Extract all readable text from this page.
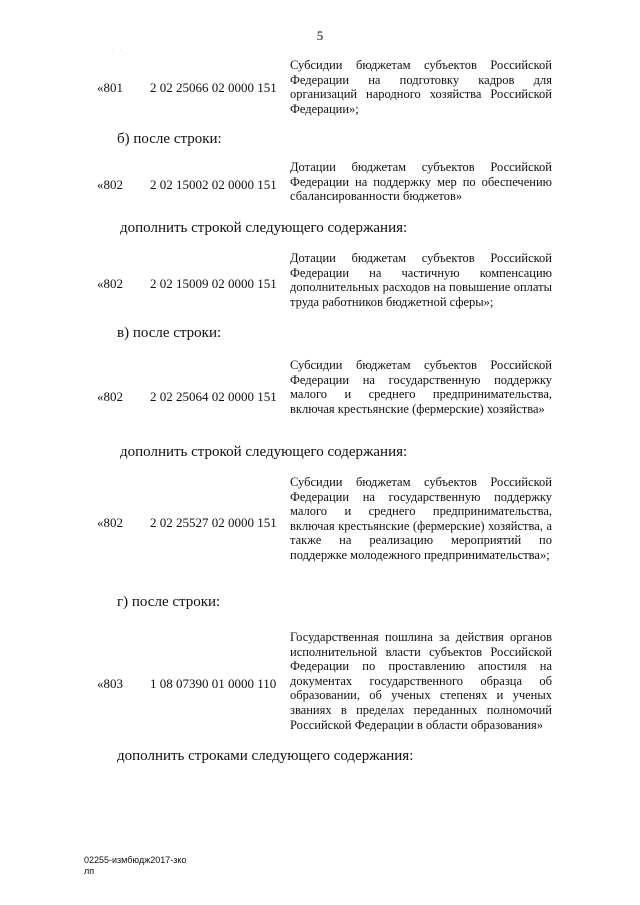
5
· ·
«801 2 02 25066 02 0000 151
Субсидии бюджетам субъектов Российской Федерации на подготовку кадров для организаций народного хозяйства Российской Федерации»;
б) после строки:
«802 2 02 15002 02 0000 151
Дотации бюджетам субъектов Российской Федерации на поддержку мер по обеспечению сбалансированности бюджетов»
дополнить строкой следующего содержания:
«802 2 02 15009 02 0000 151
Дотации бюджетам субъектов Российской Федерации на частичную компенсацию дополнительных расходов на повышение оплаты труда работников бюджетной сферы»;
в) после строки:
«802 2 02 25064 02 0000 151
Субсидии бюджетам субъектов Российской Федерации на государственную поддержку малого и среднего предпринимательства, включая крестьянские (фермерские) хозяйства»
дополнить строкой следующего содержания:
«802 2 02 25527 02 0000 151
Субсидии бюджетам субъектов Российской Федерации на государственную поддержку малого и среднего предпринимательства, включая крестьянские (фермерские) хозяйства, а также на реализацию мероприятий по поддержке молодежного предпринимательства»;
г) после строки:
«803 1 08 07390 01 0000 110
Государственная пошлина за действия органов исполнительной власти субъектов Российской Федерации по проставлению апостиля на документах государственного образца об образовании, об ученых степенях и ученых званиях в пределах переданных полномочий Российской Федерации в области образования»
дополнить строками следующего содержания:
02255-измбюдж2017-зко
лп
